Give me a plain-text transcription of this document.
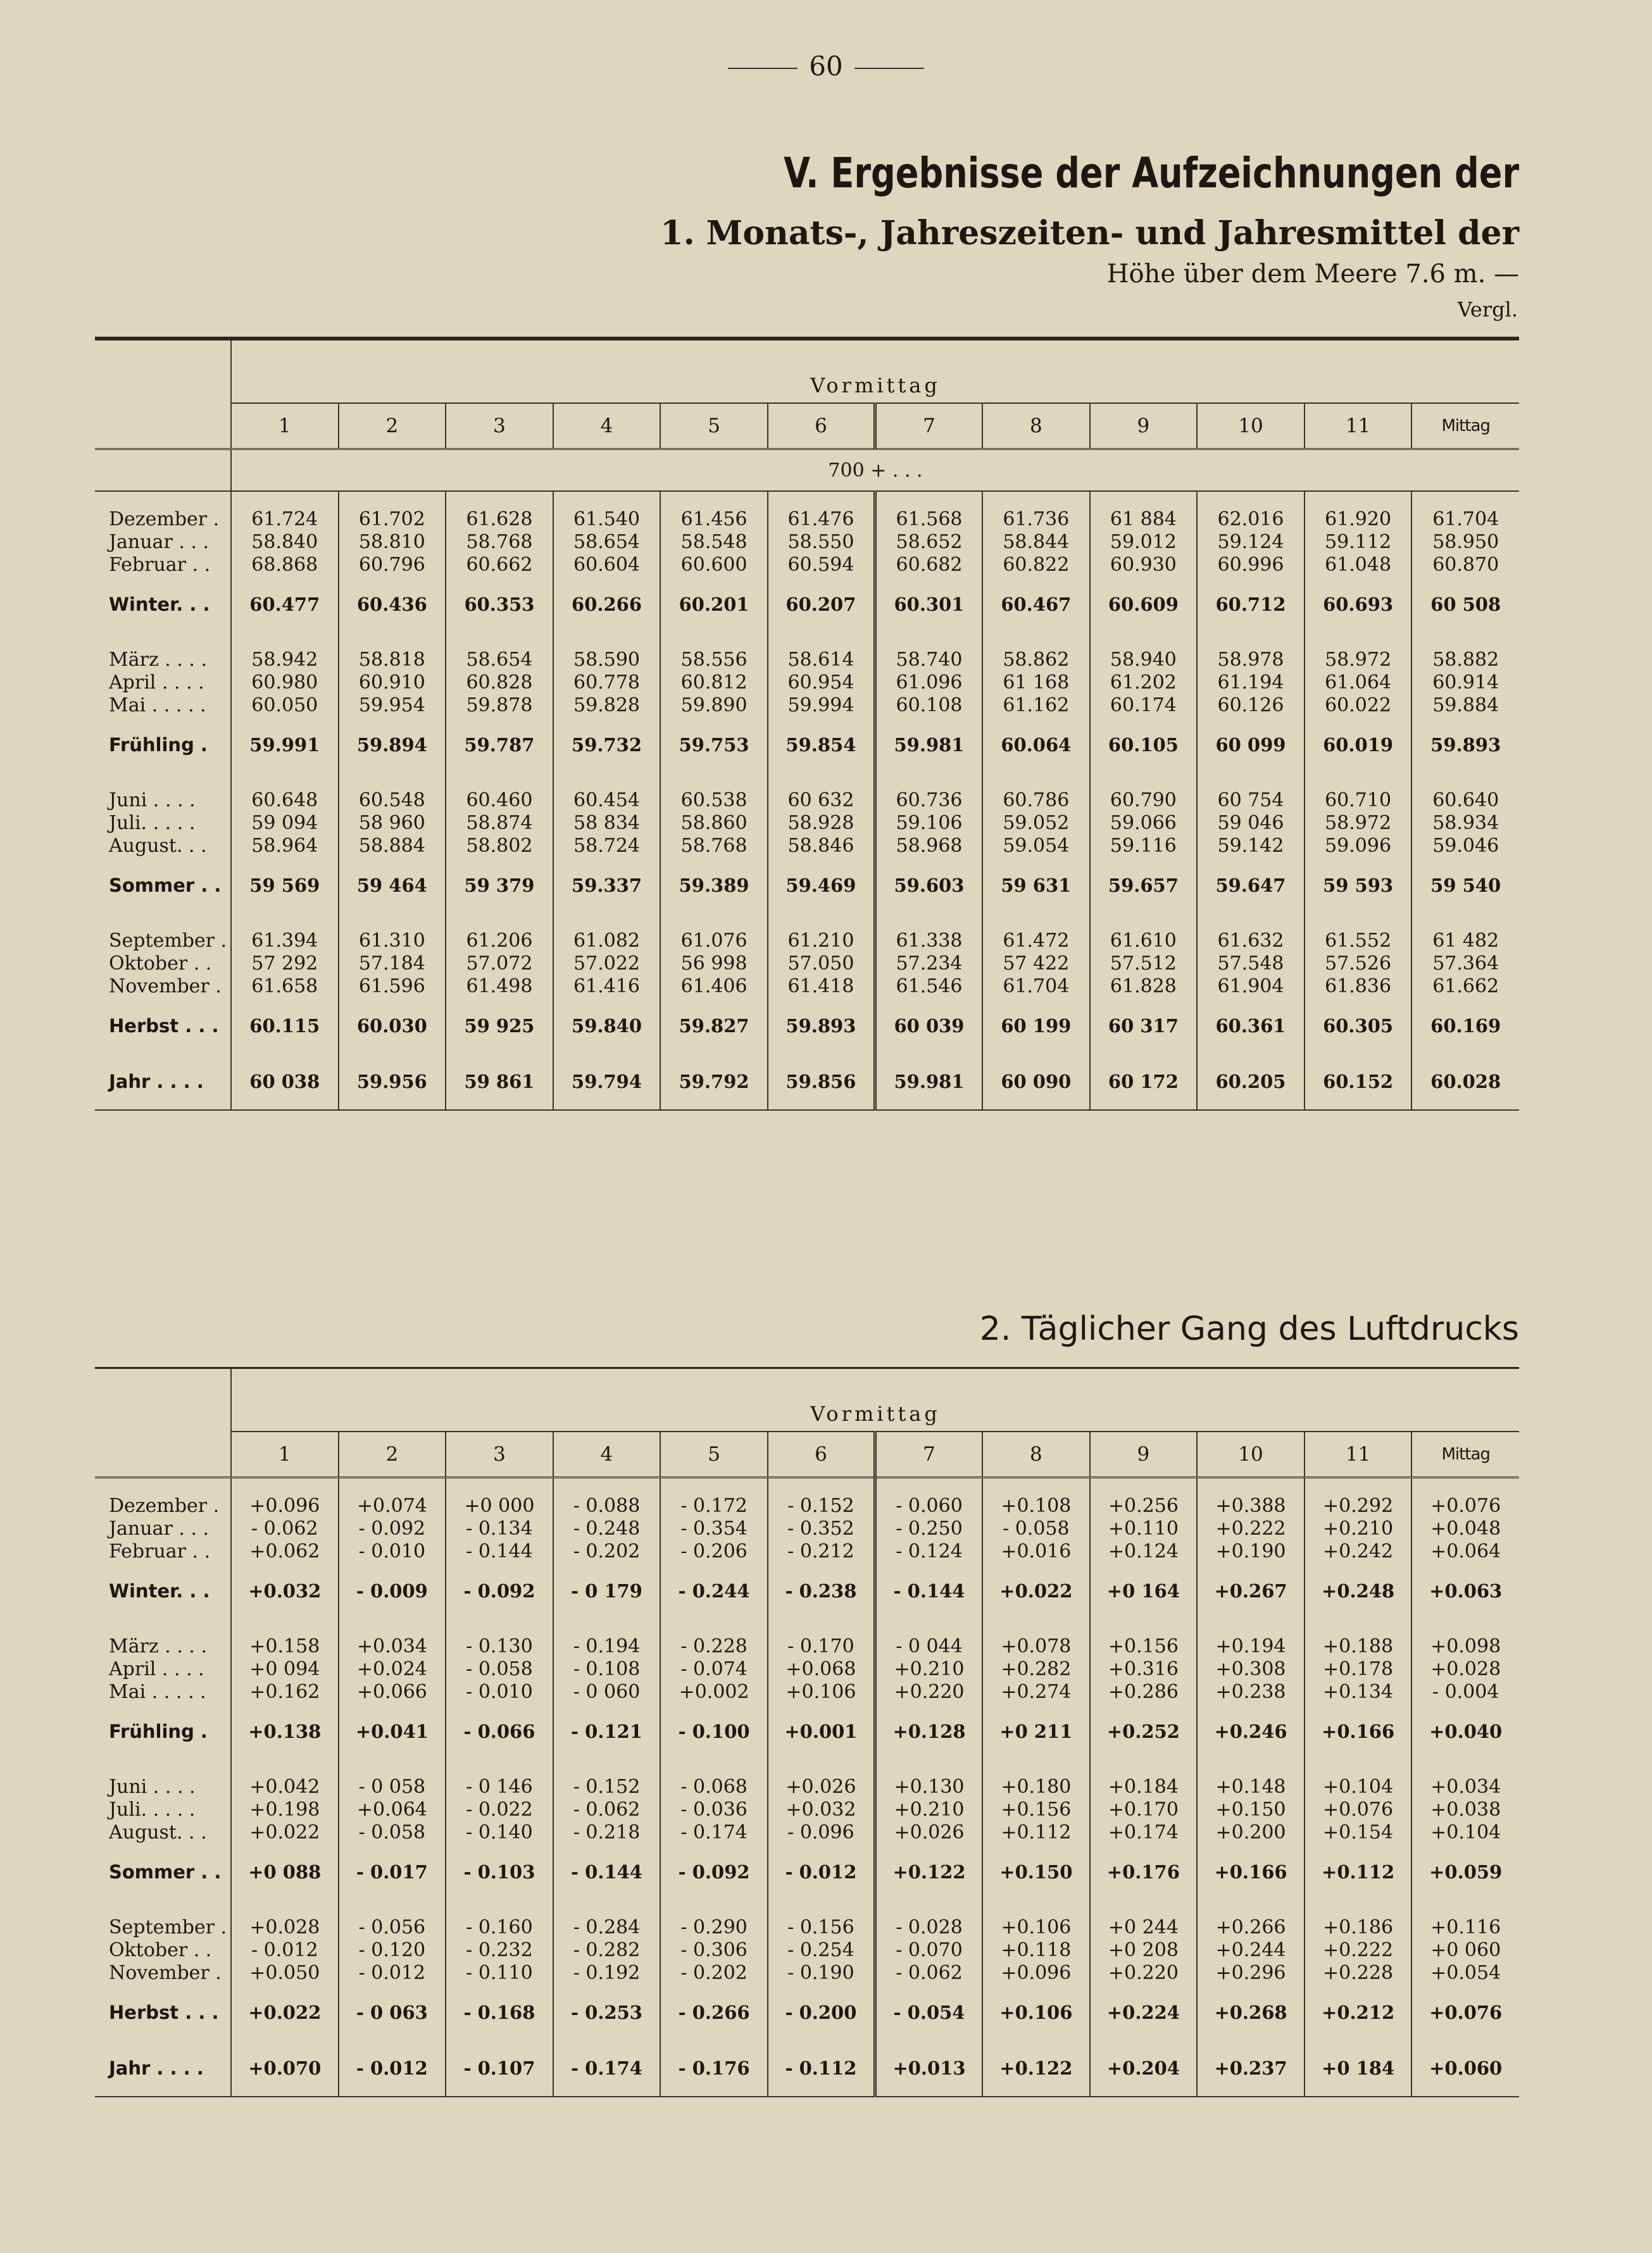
60
V. Ergebnisse der Aufzeichnungen der
1. Monats-, Jahreszeiten- und Jahresmittel der
Höhe über dem Meere 7.6 m. —
Vergl.
	Vormittag											
	1	2	3	4	5	6	7	8	9	10	11	Mittag
	700 + . . .											

Dezember .	61.724	61.702	61.628	61.540	61.456	61.476	61.568	61.736	61 884	62.016	61.920	61.704
Januar . . .	58.840	58.810	58.768	58.654	58.548	58.550	58.652	58.844	59.012	59.124	59.112	58.950
Februar . .	68.868	60.796	60.662	60.604	60.600	60.594	60.682	60.822	60.930	60.996	61.048	60.870
Winter. . .	60.477	60.436	60.353	60.266	60.201	60.207	60.301	60.467	60.609	60.712	60.693	60 508

März . . . .	58.942	58.818	58.654	58.590	58.556	58.614	58.740	58.862	58.940	58.978	58.972	58.882
April . . . .	60.980	60.910	60.828	60.778	60.812	60.954	61.096	61 168	61.202	61.194	61.064	60.914
Mai . . . . .	60.050	59.954	59.878	59.828	59.890	59.994	60.108	61.162	60.174	60.126	60.022	59.884
Frühling .	59.991	59.894	59.787	59.732	59.753	59.854	59.981	60.064	60.105	60 099	60.019	59.893

Juni . . . .	60.648	60.548	60.460	60.454	60.538	60 632	60.736	60.786	60.790	60 754	60.710	60.640
Juli. . . . .	59 094	58 960	58.874	58 834	58.860	58.928	59.106	59.052	59.066	59 046	58.972	58.934
August. . .	58.964	58.884	58.802	58.724	58.768	58.846	58.968	59.054	59.116	59.142	59.096	59.046
Sommer . .	59 569	59 464	59 379	59.337	59.389	59.469	59.603	59 631	59.657	59.647	59 593	59 540

September .	61.394	61.310	61.206	61.082	61.076	61.210	61.338	61.472	61.610	61.632	61.552	61 482
Oktober . .	57 292	57.184	57.072	57.022	56 998	57.050	57.234	57 422	57.512	57.548	57.526	57.364
November .	61.658	61.596	61.498	61.416	61.406	61.418	61.546	61.704	61.828	61.904	61.836	61.662
Herbst . . .	60.115	60.030	59 925	59.840	59.827	59.893	60 039	60 199	60 317	60.361	60.305	60.169
Jahr . . . .	60 038	59.956	59 861	59.794	59.792	59.856	59.981	60 090	60 172	60.205	60.152	60.028

2. Täglicher Gang des Luftdrucks
	Vormittag											
	1	2	3	4	5	6	7	8	9	10	11	Mittag

Dezember .	+0.096	+0.074	+0 000	- 0.088	- 0.172	- 0.152	- 0.060	+0.108	+0.256	+0.388	+0.292	+0.076
Januar . . .	- 0.062	- 0.092	- 0.134	- 0.248	- 0.354	- 0.352	- 0.250	- 0.058	+0.110	+0.222	+0.210	+0.048
Februar . .	+0.062	- 0.010	- 0.144	- 0.202	- 0.206	- 0.212	- 0.124	+0.016	+0.124	+0.190	+0.242	+0.064
Winter. . .	+0.032	- 0.009	- 0.092	- 0 179	- 0.244	- 0.238	- 0.144	+0.022	+0 164	+0.267	+0.248	+0.063

März . . . .	+0.158	+0.034	- 0.130	- 0.194	- 0.228	- 0.170	- 0 044	+0.078	+0.156	+0.194	+0.188	+0.098
April . . . .	+0 094	+0.024	- 0.058	- 0.108	- 0.074	+0.068	+0.210	+0.282	+0.316	+0.308	+0.178	+0.028
Mai . . . . .	+0.162	+0.066	- 0.010	- 0 060	+0.002	+0.106	+0.220	+0.274	+0.286	+0.238	+0.134	- 0.004
Frühling .	+0.138	+0.041	- 0.066	- 0.121	- 0.100	+0.001	+0.128	+0 211	+0.252	+0.246	+0.166	+0.040

Juni . . . .	+0.042	- 0 058	- 0 146	- 0.152	- 0.068	+0.026	+0.130	+0.180	+0.184	+0.148	+0.104	+0.034
Juli. . . . .	+0.198	+0.064	- 0.022	- 0.062	- 0.036	+0.032	+0.210	+0.156	+0.170	+0.150	+0.076	+0.038
August. . .	+0.022	- 0.058	- 0.140	- 0.218	- 0.174	- 0.096	+0.026	+0.112	+0.174	+0.200	+0.154	+0.104
Sommer . .	+0 088	- 0.017	- 0.103	- 0.144	- 0.092	- 0.012	+0.122	+0.150	+0.176	+0.166	+0.112	+0.059

September .	+0.028	- 0.056	- 0.160	- 0.284	- 0.290	- 0.156	- 0.028	+0.106	+0 244	+0.266	+0.186	+0.116
Oktober . .	- 0.012	- 0.120	- 0.232	- 0.282	- 0.306	- 0.254	- 0.070	+0.118	+0 208	+0.244	+0.222	+0 060
November .	+0.050	- 0.012	- 0.110	- 0.192	- 0.202	- 0.190	- 0.062	+0.096	+0.220	+0.296	+0.228	+0.054
Herbst . . .	+0.022	- 0 063	- 0.168	- 0.253	- 0.266	- 0.200	- 0.054	+0.106	+0.224	+0.268	+0.212	+0.076
Jahr . . . .	+0.070	- 0.012	- 0.107	- 0.174	- 0.176	- 0.112	+0.013	+0.122	+0.204	+0.237	+0 184	+0.060
